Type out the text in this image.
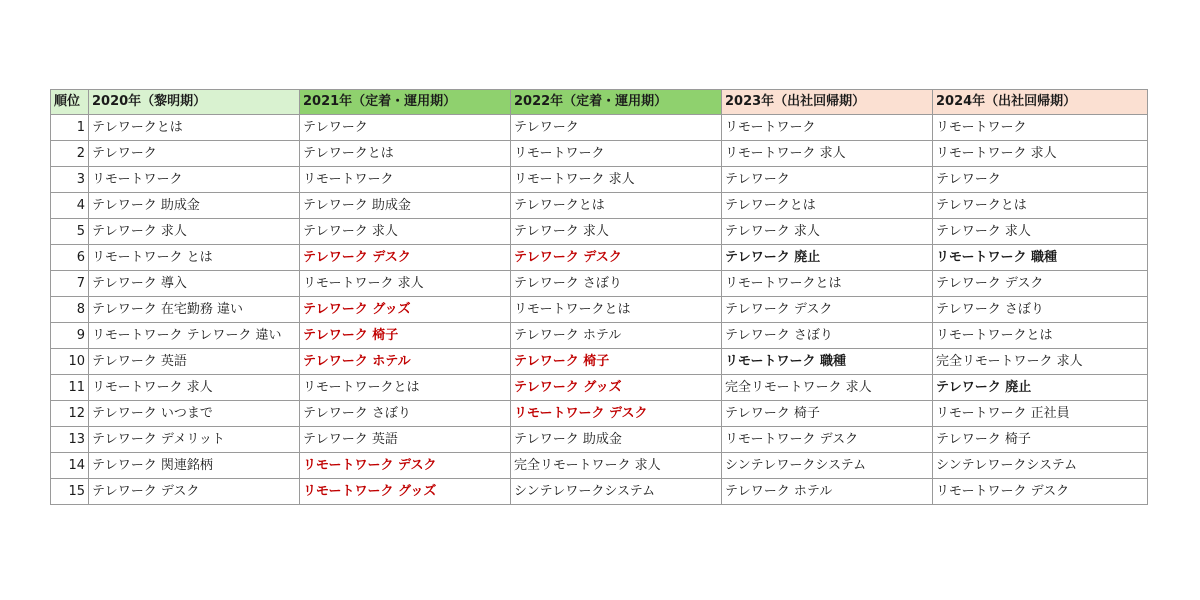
順位	2020年（黎明期）	2021年（定着・運用期）	2022年（定着・運用期）	2023年（出社回帰期）	2024年（出社回帰期）
1	テレワークとは	テレワーク	テレワーク	リモートワーク	リモートワーク
2	テレワーク	テレワークとは	リモートワーク	リモートワーク 求人	リモートワーク 求人
3	リモートワーク	リモートワーク	リモートワーク 求人	テレワーク	テレワーク
4	テレワーク 助成金	テレワーク 助成金	テレワークとは	テレワークとは	テレワークとは
5	テレワーク 求人	テレワーク 求人	テレワーク 求人	テレワーク 求人	テレワーク 求人
6	リモートワーク とは	テレワーク デスク	テレワーク デスク	テレワーク 廃止	リモートワーク 職種
7	テレワーク 導入	リモートワーク 求人	テレワーク さぼり	リモートワークとは	テレワーク デスク
8	テレワーク 在宅勤務 違い	テレワーク グッズ	リモートワークとは	テレワーク デスク	テレワーク さぼり
9	リモートワーク テレワーク 違い	テレワーク 椅子	テレワーク ホテル	テレワーク さぼり	リモートワークとは
10	テレワーク 英語	テレワーク ホテル	テレワーク 椅子	リモートワーク 職種	完全リモートワーク 求人
11	リモートワーク 求人	リモートワークとは	テレワーク グッズ	完全リモートワーク 求人	テレワーク 廃止
12	テレワーク いつまで	テレワーク さぼり	リモートワーク デスク	テレワーク 椅子	リモートワーク 正社員
13	テレワーク デメリット	テレワーク 英語	テレワーク 助成金	リモートワーク デスク	テレワーク 椅子
14	テレワーク 関連銘柄	リモートワーク デスク	完全リモートワーク 求人	シンテレワークシステム	シンテレワークシステム
15	テレワーク デスク	リモートワーク グッズ	シンテレワークシステム	テレワーク ホテル	リモートワーク デスク
